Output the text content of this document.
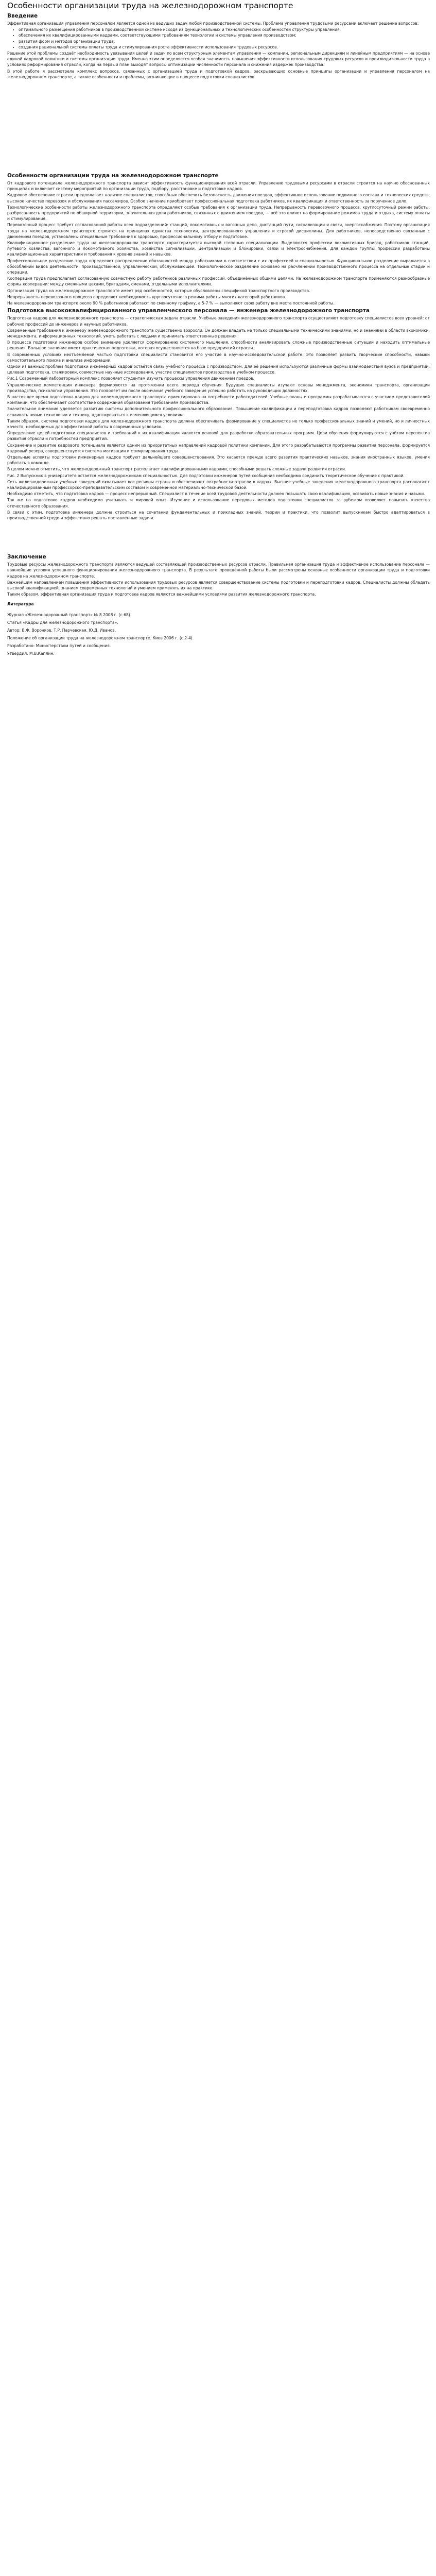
Особенности организации труда на железнодорожном транспорте
Введение

Эффективная организация управления персоналом является одной из ведущих задач любой производственной системы. Проблема управления трудовыми ресурсами включает решение вопросов:

• оптимального размещения работников в производственной системе исходя из функциональных и технологических особенностей структуры управления;
• обеспечения их квалифицированными кадрами, соответствующими требованиям технологии и системы управления производством;
• развития форм и методов организации труда;
• создания рациональной системы оплаты труда и стимулирования роста эффективности использования трудовых ресурсов.

Решение этой проблемы создаёт необходимость увязывания целей и задач по всем структурным элементам управления — компании, региональным дирекциям и линейным предприятиям — на основе единой кадровой политики и системы организации труда. Именно этим определяется особая значимость повышения эффективности использования трудовых ресурсов и производительности труда в условиях реформирования отрасли, когда на первый план выходят вопросы оптимизации численности персонала и снижения издержек производства.

В этой работе я рассмотрела комплекс вопросов, связанных с организацией труда и подготовкой кадров, раскрывающих основные принципы организации и управления персоналом на железнодорожном транспорте, а также особенности и проблемы, возникающие в процессе подготовки специалистов.

Особенности организации труда на железнодорожном транспорте

От кадрового потенциала железнодорожного транспорта зависит эффективность функционирования всей отрасли. Управление трудовыми ресурсами в отрасли строится на научно обоснованных принципах и включает систему мероприятий по организации труда, подбору, расстановке и подготовке кадров.

Кадровое обеспечение отрасли предполагает наличие специалистов, способных обеспечить безопасность движения поездов, эффективное использование подвижного состава и технических средств, высокое качество перевозок и обслуживания пассажиров. Особое значение приобретает профессиональная подготовка работников, их квалификация и ответственность за порученное дело.

Технологические особенности работы железнодорожного транспорта определяют особые требования к организации труда. Непрерывность перевозочного процесса, круглосуточный режим работы, разбросанность предприятий по обширной территории, значительная доля работников, связанных с движением поездов, — всё это влияет на формирование режимов труда и отдыха, систему оплаты и стимулирования.

Перевозочный процесс требует согласованной работы всех подразделений: станций, локомотивных и вагонных депо, дистанций пути, сигнализации и связи, энергоснабжения. Поэтому организация труда на железнодорожном транспорте строится на принципах единства технологии, централизованного управления и строгой дисциплины. Для работников, непосредственно связанных с движением поездов, установлены специальные требования к здоровью, профессиональному отбору и подготовке.

Квалификационное разделение труда на железнодорожном транспорте характеризуется высокой степенью специализации. Выделяются профессии локомотивных бригад, работников станций, путевого хозяйства, вагонного и локомотивного хозяйства, хозяйства сигнализации, централизации и блокировки, связи и электроснабжения. Для каждой группы профессий разработаны квалификационные характеристики и требования к уровню знаний и навыков.

Профессиональное разделение труда определяет распределение обязанностей между работниками в соответствии с их профессией и специальностью. Функциональное разделение выражается в обособлении видов деятельности: производственной, управленческой, обслуживающей. Технологическое разделение основано на расчленении производственного процесса на отдельные стадии и операции.

Кооперация труда предполагает согласованную совместную работу работников различных профессий, объединённых общими целями. На железнодорожном транспорте применяются разнообразные формы кооперации: между смежными цехами, бригадами, сменами, отдельными исполнителями.

Организация труда на железнодорожном транспорте имеет ряд особенностей, которые обусловлены спецификой транспортного производства.

Непрерывность перевозочного процесса определяет необходимость круглосуточного режима работы многих категорий работников.

На железнодорожном транспорте около 90 % работников работают по сменному графику, а 5-7 % — выполняют свою работу вне места постоянной работы.

Подготовка высококвалифицированного управленческого персонала — инженера железнодорожного транспорта

Подготовка кадров для железнодорожного транспорта — стратегическая задача отрасли. Учебные заведения железнодорожного транспорта осуществляют подготовку специалистов всех уровней: от рабочих профессий до инженеров и научных работников.

Современные требования к инженеру железнодорожного транспорта существенно возросли. Он должен владеть не только специальными техническими знаниями, но и знаниями в области экономики, менеджмента, информационных технологий, уметь работать с людьми и принимать ответственные решения.

В процессе подготовки инженеров особое внимание уделяется формированию системного мышления, способности анализировать сложные производственные ситуации и находить оптимальные решения. Большое значение имеет практическая подготовка, которая осуществляется на базе предприятий отрасли.

В современных условиях неотъемлемой частью подготовки специалиста становится его участие в научно-исследовательской работе. Это позволяет развить творческие способности, навыки самостоятельного поиска и анализа информации.

Одной из важных проблем подготовки инженерных кадров остаётся связь учебного процесса с производством. Для её решения используются различные формы взаимодействия вузов и предприятий: целевая подготовка, стажировки, совместные научные исследования, участие специалистов производства в учебном процессе.

Рис.1 Современный лабораторный комплекс позволяет студентам изучить процессы управления движением поездов.

Управленческие компетенции инженера формируются на протяжении всего периода обучения. Будущие специалисты изучают основы менеджмента, экономики транспорта, организации производства, психологии управления. Это позволяет им после окончания учебного заведения успешно работать на руководящих должностях.

В настоящее время подготовка кадров для железнодорожного транспорта ориентирована на потребности работодателей. Учебные планы и программы разрабатываются с участием представителей компании, что обеспечивает соответствие содержания образования требованиям производства.

Значительное внимание уделяется развитию системы дополнительного профессионального образования. Повышение квалификации и переподготовка кадров позволяют работникам своевременно осваивать новые технологии и технику, адаптироваться к изменяющимся условиям.

Таким образом, система подготовки кадров для железнодорожного транспорта должна обеспечивать формирование у специалистов не только профессиональных знаний и умений, но и личностных качеств, необходимых для эффективной работы в современных условиях.

Определение целей подготовки специалистов и требований к их квалификации является основой для разработки образовательных программ. Цели обучения формулируются с учётом перспектив развития отрасли и потребностей предприятий.

Сохранение и развитие кадрового потенциала является одним из приоритетных направлений кадровой политики компании. Для этого разрабатываются программы развития персонала, формируется кадровый резерв, совершенствуется система мотивации и стимулирования труда.

Отдельные аспекты подготовки инженерных кадров требуют дальнейшего совершенствования. Это касается прежде всего развития практических навыков, знания иностранных языков, умения работать в команде.

В целом можно отметить, что железнодорожный транспорт располагает квалифицированными кадрами, способными решать сложные задачи развития отрасли.

Рис. 2 Выпускник в университете остается железнодорожникам специальностью. Для подготовки инженеров путей сообщения необходимо соединить теоретическое обучение с практикой.

Сеть железнодорожных учебных заведений охватывает все регионы страны и обеспечивает потребности отрасли в кадрах. Высшие учебные заведения железнодорожного транспорта располагают квалифицированным профессорско-преподавательским составом и современной материально-технической базой.

Необходимо отметить, что подготовка кадров — процесс непрерывный. Специалист в течение всей трудовой деятельности должен повышать свою квалификацию, осваивать новые знания и навыки.

Так же по подготовке кадров необходимо учитывать и мировой опыт. Изучение и использование передовых методов подготовки специалистов за рубежом позволяет повысить качество отечественного образования.

В связи с этим, подготовка инженера должна строиться на сочетании фундаментальных и прикладных знаний, теории и практики, что позволит выпускникам быстро адаптироваться в производственной среде и эффективно решать поставленные задачи.

Заключение

Трудовые ресурсы железнодорожного транспорта являются ведущей составляющей производственных ресурсов отрасли. Правильная организация труда и эффективное использование персонала — важнейшие условия успешного функционирования железнодорожного транспорта. В результате проведённой работы были рассмотрены основные особенности организации труда и подготовки кадров на железнодорожном транспорте.

Важнейшим направлением повышения эффективности использования трудовых ресурсов является совершенствование системы подготовки и переподготовки кадров. Специалисты должны обладать высокой квалификацией, знанием современных технологий и умением применять их на практике.

Таким образом, эффективная организация труда и подготовка кадров являются важнейшими условиями развития железнодорожного транспорта.

Литература

Журнал «Железнодорожный транспорт» № 8 2008 г. (с.68).

Статья «Кадры для железнодорожного транспорта».

Автор: В.Ф. Воронков, Т.Р. Парчевская, Ю.Д. Иванов.

Положение об организации труда на железнодорожном транспорте. Киев 2006 г. (с.2-4).

Разработано: Министерством путей и сообщения.

Утвердил: М.В.Каплин.
